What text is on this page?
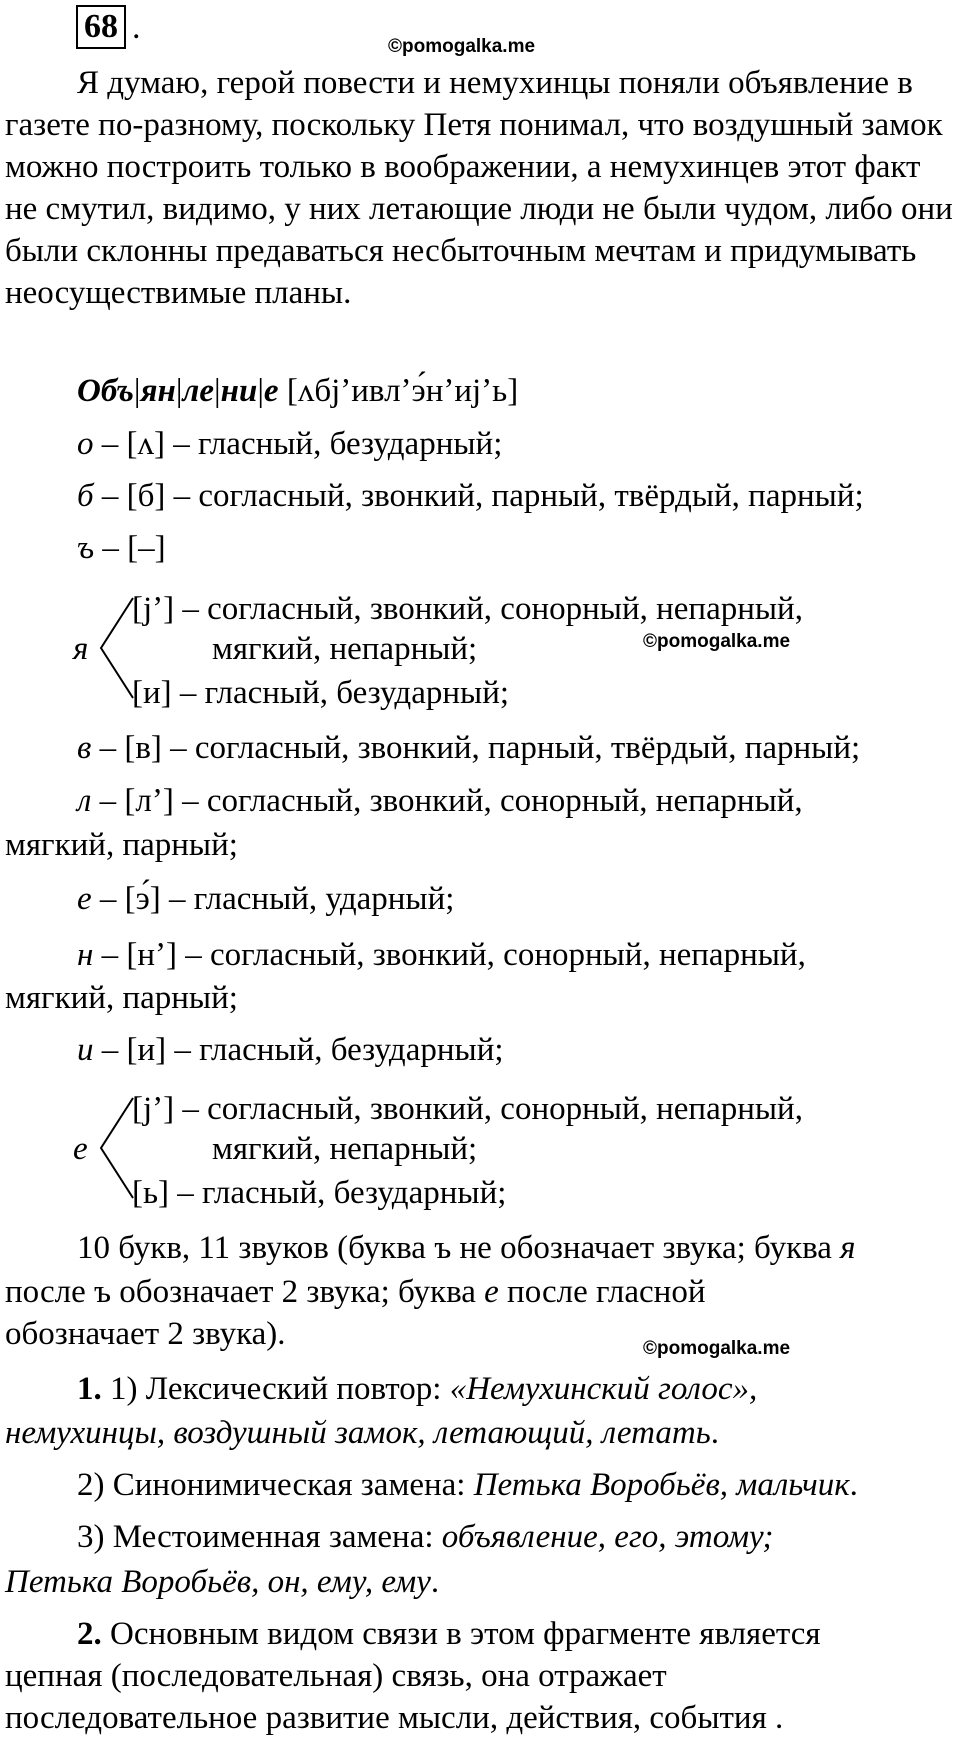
68 .
©pomogalka.me

Я думаю, герой повести и немухинцы поняли объявление в газете по-разному, поскольку Петя понимал, что воздушный замок можно построить только в воображении, а немухинцев этот факт не смутил, видимо, у них летающие люди не были чудом, либо они были склонны предаваться несбыточным мечтам и придумывать неосуществимые планы.

Объ|ян|ле|ни|е [ʌбjʼивлʼэ́нʼиjʼь]
о – [ʌ] – гласный, безударный;
б – [б] – согласный, звонкий, парный, твёрдый, парный;
ъ – [–]
я
[jʼ] – согласный, звонкий, сонорный, непарный,
мягкий, непарный;	©pomogalka.me
[и] – гласный, безударный;
в – [в] – согласный, звонкий, парный, твёрдый, парный;
л – [лʼ] – согласный, звонкий, сонорный, непарный,
мягкий, парный;
е – [э́] – гласный, ударный;
н – [нʼ] – согласный, звонкий, сонорный, непарный,
мягкий, парный;
и – [и] – гласный, безударный;
е
[jʼ] – согласный, звонкий, сонорный, непарный,
мягкий, непарный;
[ь] – гласный, безударный;
10 букв, 11 звуков (буква ъ не обозначает звука; буква я
после ъ обозначает 2 звука; буква е после гласной
обозначает 2 звука).	©pomogalka.me
1. 1) Лексический повтор: «Немухинский голос»,
немухинцы, воздушный замок, летающий, летать.
2) Синонимическая замена: Петька Воробьёв, мальчик.
3) Местоименная замена: объявление, его, этому;
Петька Воробьёв, он, ему, ему.
2. Основным видом связи в этом фрагменте является
цепная (последовательная) связь, она отражает
последовательное развитие мысли, действия, события .
